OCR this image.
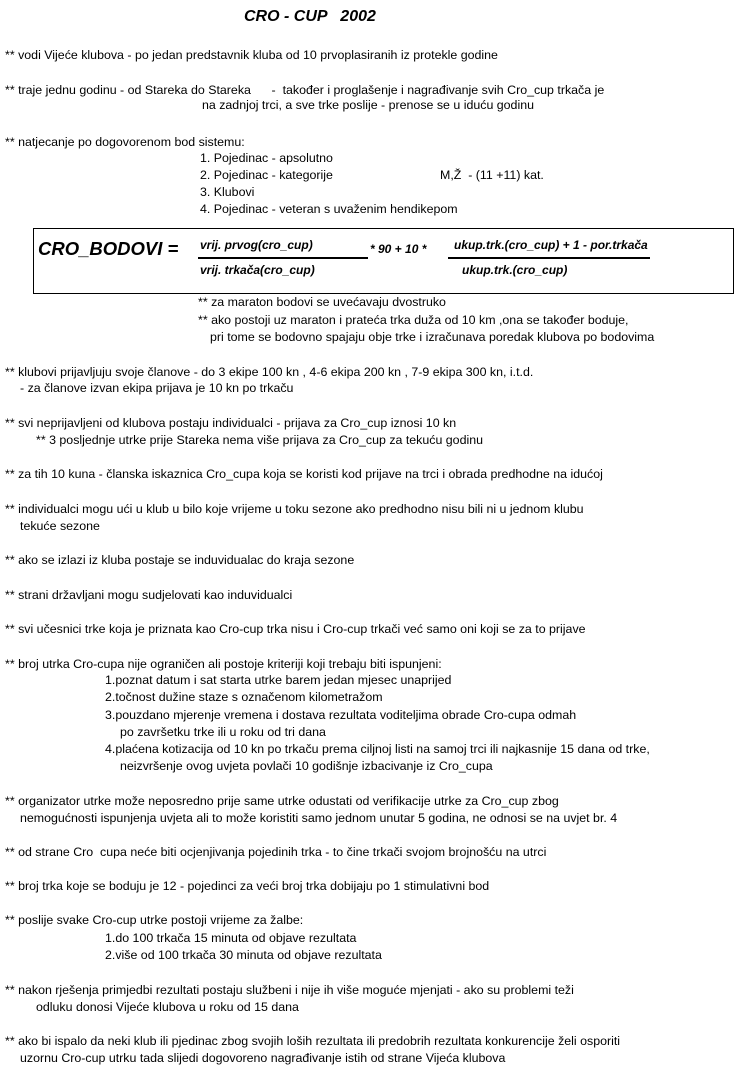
CRO - CUP   2002
** vodi Vijeće klubova - po jedan predstavnik kluba od 10 prvoplasiranih iz protekle godine
** traje jednu godinu - od Stareka do Stareka      -  također i proglašenje i nagrađivanje svih Cro_cup trkača je
na zadnjoj trci, a sve trke poslije - prenose se u iduću godinu
** natjecanje po dogovorenom bod sistemu:
1. Pojedinac - apsolutno
2. Pojedinac - kategorije	M,Ž  - (11 +11) kat.
3. Klubovi
4. Pojedinac - veteran s uvaženim hendikepom
CRO_BODOVI = vrij. prvog(cro_cup)
vrij. trkača(cro_cup)
* 90 + 10 * ukup.trk.(cro_cup) + 1 - por.trkača
ukup.trk.(cro_cup)
** za maraton bodovi se uvećavaju dvostruko
** ako postoji uz maraton i prateća trka duža od 10 km ,ona se također boduje,
pri tome se bodovno spajaju obje trke i izračunava poredak klubova po bodovima
** klubovi prijavljuju svoje članove - do 3 ekipe 100 kn , 4-6 ekipa 200 kn , 7-9 ekipa 300 kn, i.t.d.
- za članove izvan ekipa prijava je 10 kn po trkaču
** svi neprijavljeni od klubova postaju individualci - prijava za Cro_cup iznosi 10 kn
** 3 posljednje utrke prije Stareka nema više prijava za Cro_cup za tekuću godinu
** za tih 10 kuna - članska iskaznica Cro_cupa koja se koristi kod prijave na trci i obrada predhodne na idućoj
** individualci mogu ući u klub u bilo koje vrijeme u toku sezone ako predhodno nisu bili ni u jednom klubu
tekuće sezone
** ako se izlazi iz kluba postaje se induvidualac do kraja sezone
** strani državljani mogu sudjelovati kao induvidualci
** svi učesnici trke koja je priznata kao Cro-cup trka nisu i Cro-cup trkači već samo oni koji se za to prijave
** broj utrka Cro-cupa nije ograničen ali postoje kriteriji koji trebaju biti ispunjeni:
1.poznat datum i sat starta utrke barem jedan mjesec unaprijed
2.točnost dužine staze s označenom kilometražom
3.pouzdano mjerenje vremena i dostava rezultata voditeljima obrade Cro-cupa odmah
po završetku trke ili u roku od tri dana
4.plaćena kotizacija od 10 kn po trkaču prema ciljnoj listi na samoj trci ili najkasnije 15 dana od trke,
neizvršenje ovog uvjeta povlači 10 godišnje izbacivanje iz Cro_cupa
** organizator utrke može neposredno prije same utrke odustati od verifikacije utrke za Cro_cup zbog
nemogućnosti ispunjenja uvjeta ali to može koristiti samo jednom unutar 5 godina, ne odnosi se na uvjet br. 4
** od strane Cro  cupa neće biti ocjenjivanja pojedinih trka - to čine trkači svojom brojnošću na utrci
** broj trka koje se boduju je 12 - pojedinci za veći broj trka dobijaju po 1 stimulativni bod
** poslije svake Cro-cup utrke postoji vrijeme za žalbe:
1.do 100 trkača 15 minuta od objave rezultata
2.više od 100 trkača 30 minuta od objave rezultata
** nakon rješenja primjedbi rezultati postaju službeni i nije ih više moguće mjenjati - ako su problemi teži
odluku donosi Vijeće klubova u roku od 15 dana
** ako bi ispalo da neki klub ili pjedinac zbog svojih loših rezultata ili predobrih rezultata konkurencije želi osporiti
uzornu Cro-cup utrku tada slijedi dogovoreno nagrađivanje istih od strane Vijeća klubova
